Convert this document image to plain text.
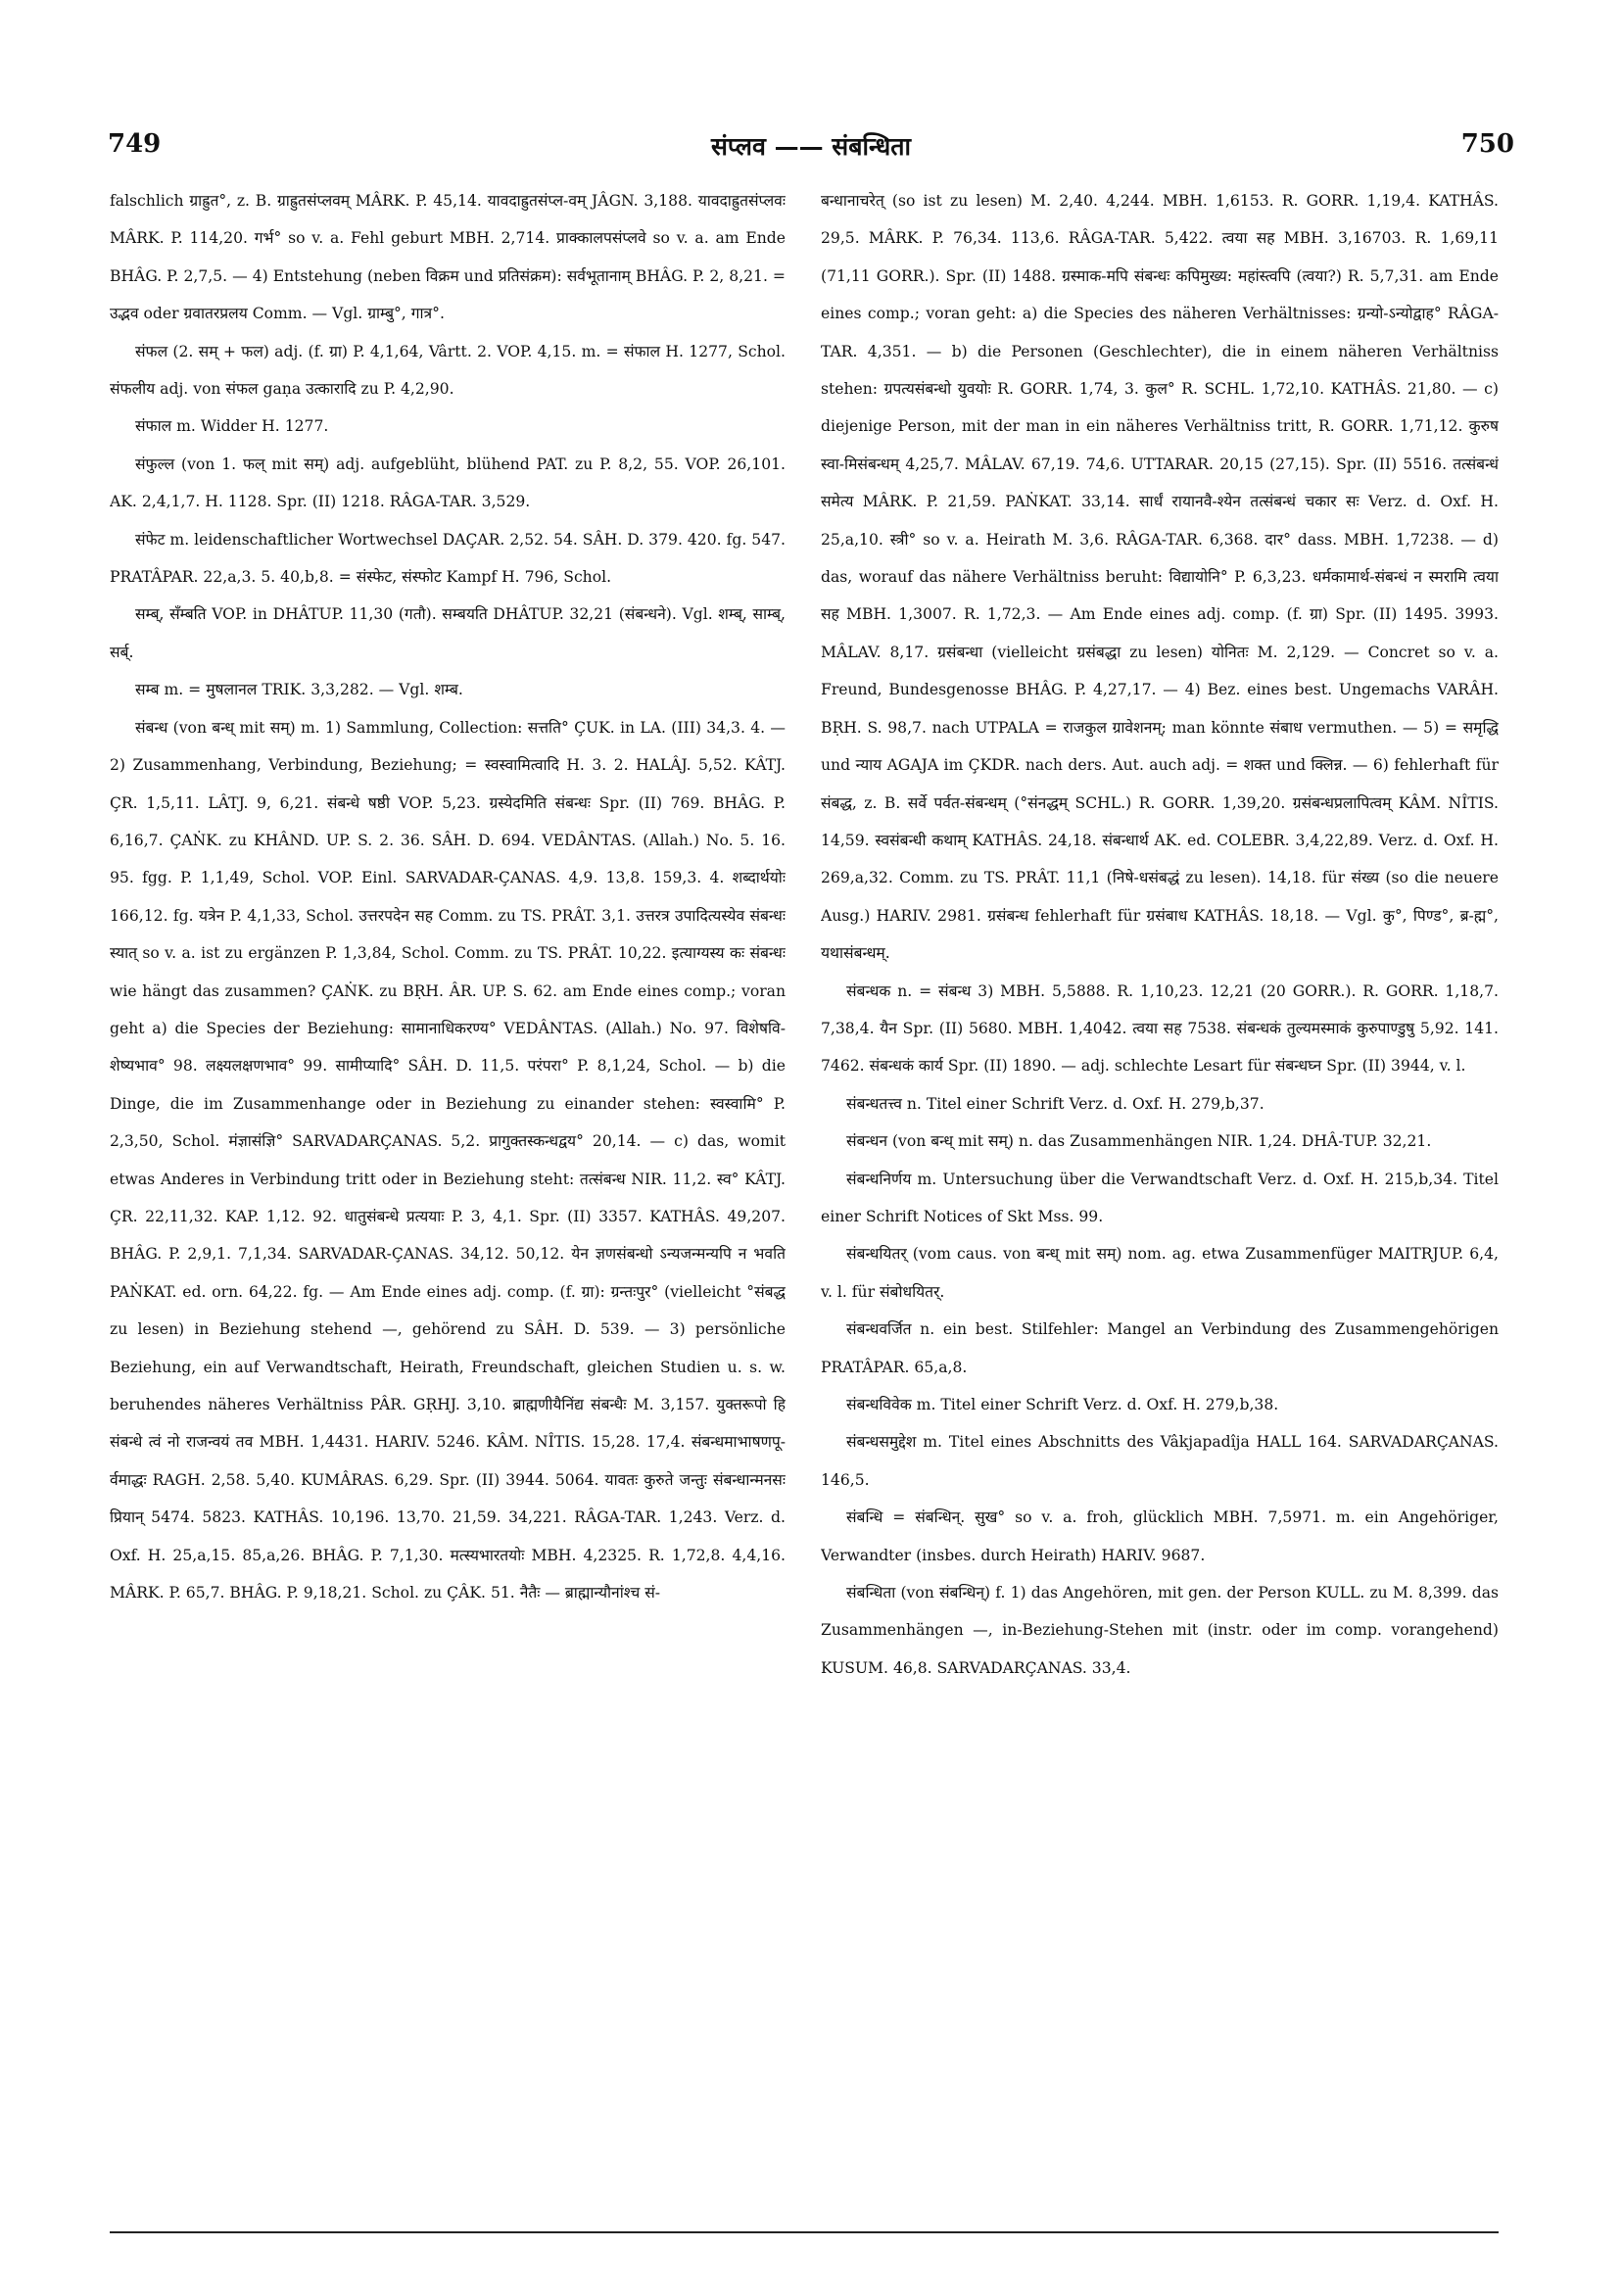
749	संप्लव —— संबन्धिता	750

falschlich ग्राह्रुत°, z. B. ग्राह्रुतसंप्लवम् MÂRK. P. 45,14. यावदाह्रुतसंप्ल-वम् JÂGN. 3,188. यावदाह्रुतसंप्लवः MÂRK. P. 114,20. गर्भ° so v. a. Fehl geburt MBH. 2,714. प्राक्कालपसंप्लवे so v. a. am Ende BHÂG. P. 2,7,5. — 4) Entstehung (neben विक्रम und प्रतिसंक्रम): सर्वभूतानाम् BHÂG. P. 2, 8,21. = उद्भव oder ग्रवातरप्रलय Comm. — Vgl. ग्राम्बु°, गात्र°.

संफल (2. सम् + फल) adj. (f. ग्रा) P. 4,1,64, Vârtt. 2. VOP. 4,15. m. = संफाल H. 1277, Schol. संफलीय adj. von संफल gaṇa उत्कारादि zu P. 4,2,90.

संफाल m. Widder H. 1277.

संफुल्ल (von 1. फल् mit सम्) adj. aufgeblüht, blühend PAT. zu P. 8,2, 55. VOP. 26,101. AK. 2,4,1,7. H. 1128. Spr. (II) 1218. RÂGA-TAR. 3,529.

संफेट m. leidenschaftlicher Wortwechsel DAÇAR. 2,52. 54. SÂH. D. 379. 420. fg. 547. PRATÂPAR. 22,a,3. 5. 40,b,8. = संस्फेट, संस्फोट Kampf H. 796, Schol.

सम्ब्, सँम्बति VOP. in DHÂTUP. 11,30 (गतौ). सम्बयति DHÂTUP. 32,21 (संबन्धने). Vgl. शम्ब्, साम्ब्, सर्ब्.

सम्ब m. = मुषलानल TRIK. 3,3,282. — Vgl. शम्ब.

संबन्ध (von बन्ध् mit सम्) m. 1) Sammlung, Collection: सत्तति° ÇUK. in LA. (III) 34,3. 4. — 2) Zusammenhang, Verbindung, Beziehung; = स्वस्वामित्वादि H. 3. 2. HALÂJ. 5,52. KÂTJ. ÇR. 1,5,11. LÂTJ. 9, 6,21. संबन्धे षष्ठी VOP. 5,23. ग्रस्येदमिति संबन्धः Spr. (II) 769. BHÂG. P. 6,16,7. ÇAṄK. zu KHÂND. UP. S. 2. 36. SÂH. D. 694. VEDÂNTAS. (Allah.) No. 5. 16. 95. fgg. P. 1,1,49, Schol. VOP. Einl. SARVADAR-ÇANAS. 4,9. 13,8. 159,3. 4. शब्दार्थयोः 166,12. fg. यत्रेन P. 4,1,33, Schol. उत्तरपदेन सह Comm. zu TS. PRÂT. 3,1. उत्तरत्र उपादित्यस्येव संबन्धः स्यात् so v. a. ist zu ergänzen P. 1,3,84, Schol. Comm. zu TS. PRÂT. 10,22. इत्याग्यस्य कः संबन्धः wie hängt das zusammen? ÇAṄK. zu BṚH. ÂR. UP. S. 62. am Ende eines comp.; voran geht a) die Species der Beziehung: सामानाधिकरण्य° VEDÂNTAS. (Allah.) No. 97. विशेषवि-शेष्यभाव° 98. लक्ष्यलक्षणभाव° 99. सामीप्यादि° SÂH. D. 11,5. परंपरा° P. 8,1,24, Schol. — b) die Dinge, die im Zusammenhange oder in Beziehung zu einander stehen: स्वस्वामि° P. 2,3,50, Schol. मंज्ञासंज्ञि° SARVADARÇANAS. 5,2. प्रागुक्तस्कन्धद्वय° 20,14. — c) das, womit etwas Anderes in Verbindung tritt oder in Beziehung steht: तत्संबन्ध NIR. 11,2. स्व° KÂTJ. ÇR. 22,11,32. KAP. 1,12. 92. धातुसंबन्धे प्रत्ययाः P. 3, 4,1. Spr. (II) 3357. KATHÂS. 49,207. BHÂG. P. 2,9,1. 7,1,34. SARVADAR-ÇANAS. 34,12. 50,12. येन ज्ञणसंबन्धो ऽन्यजन्मन्यपि न भवति PAṄKAT. ed. orn. 64,22. fg. — Am Ende eines adj. comp. (f. ग्रा): ग्रन्तःपुर° (vielleicht °संबद्ध zu lesen) in Beziehung stehend —, gehörend zu SÂH. D. 539. — 3) persönliche Beziehung, ein auf Verwandtschaft, Heirath, Freundschaft, gleichen Studien u. s. w. beruhendes näheres Verhältniss PÂR. GṚHJ. 3,10. ब्राह्मणीयैनिंद्य संबन्धैः M. 3,157. युक्तरूपो हि संबन्धे त्वं नो राजन्वयं तव MBH. 1,4431. HARIV. 5246. KÂM. NÎTIS. 15,28. 17,4. संबन्धमाभाषणपू-र्वमाद्धः RAGH. 2,58. 5,40. KUMÂRAS. 6,29. Spr. (II) 3944. 5064. यावतः कुरुते जन्तुः संबन्धान्मनसः प्रियान् 5474. 5823. KATHÂS. 10,196. 13,70. 21,59. 34,221. RÂGA-TAR. 1,243. Verz. d. Oxf. H. 25,a,15. 85,a,26. BHÂG. P. 7,1,30. मत्स्यभारतयोः MBH. 4,2325. R. 1,72,8. 4,4,16. MÂRK. P. 65,7. BHÂG. P. 9,18,21. Schol. zu ÇÂK. 51. नैतैः — ब्राह्मान्यौनांश्च सं-

बन्धानाचरेत् (so ist zu lesen) M. 2,40. 4,244. MBH. 1,6153. R. GORR. 1,19,4. KATHÂS. 29,5. MÂRK. P. 76,34. 113,6. RÂGA-TAR. 5,422. त्वया सह MBH. 3,16703. R. 1,69,11 (71,11 GORR.). Spr. (II) 1488. ग्रस्माक-मपि संबन्धः कपिमुख्य: महांस्त्वपि (त्वया?) R. 5,7,31. am Ende eines comp.; voran geht: a) die Species des näheren Verhältnisses: ग्रन्यो-ऽन्योद्वाह° RÂGA-TAR. 4,351. — b) die Personen (Geschlechter), die in einem näheren Verhältniss stehen: ग्रपत्यसंबन्धो युवयोः R. GORR. 1,74, 3. कुल° R. SCHL. 1,72,10. KATHÂS. 21,80. — c) diejenige Person, mit der man in ein näheres Verhältniss tritt, R. GORR. 1,71,12. कुरुष स्वा-मिसंबन्धम् 4,25,7. MÂLAV. 67,19. 74,6. UTTARAR. 20,15 (27,15). Spr. (II) 5516. तत्संबन्धं समेत्य MÂRK. P. 21,59. PAṄKAT. 33,14. सार्धं रायानवै-श्येन तत्संबन्धं चकार सः Verz. d. Oxf. H. 25,a,10. स्त्री° so v. a. Heirath M. 3,6. RÂGA-TAR. 6,368. दार° dass. MBH. 1,7238. — d) das, worauf das nähere Verhältniss beruht: विद्यायोनि° P. 6,3,23. धर्मकामार्थ-संबन्धं न स्मरामि त्वया सह MBH. 1,3007. R. 1,72,3. — Am Ende eines adj. comp. (f. ग्रा) Spr. (II) 1495. 3993. MÂLAV. 8,17. ग्रसंबन्धा (vielleicht ग्रसंबद्धा zu lesen) योनितः M. 2,129. — Concret so v. a. Freund, Bundesgenosse BHÂG. P. 4,27,17. — 4) Bez. eines best. Ungemachs VARÂH. BṚH. S. 98,7. nach UTPALA = राजकुल ग्रावेशनम्; man könnte संबाध vermuthen. — 5) = समृद्धि und न्याय AGAJA im ÇKDR. nach ders. Aut. auch adj. = शक्त und क्लिन्न. — 6) fehlerhaft für संबद्ध, z. B. सर्वे पर्वत-संबन्धम् (°संनद्धम् SCHL.) R. GORR. 1,39,20. ग्रसंबन्धप्रलापित्वम् KÂM. NÎTIS. 14,59. स्वसंबन्धी कथाम् KATHÂS. 24,18. संबन्धार्थ AK. ed. COLEBR. 3,4,22,89. Verz. d. Oxf. H. 269,a,32. Comm. zu TS. PRÂT. 11,1 (निषे-धसंबद्धं zu lesen). 14,18. für संख्य (so die neuere Ausg.) HARIV. 2981. ग्रसंबन्ध fehlerhaft für ग्रसंबाध KATHÂS. 18,18. — Vgl. कु°, पिण्ड°, ब्र-ह्म°, यथासंबन्धम्.

संबन्धक n. = संबन्ध 3) MBH. 5,5888. R. 1,10,23. 12,21 (20 GORR.). R. GORR. 1,18,7. 7,38,4. यैन Spr. (II) 5680. MBH. 1,4042. त्वया सह 7538. संबन्धकं तुल्यमस्माकं कुरुपाण्डुषु 5,92. 141. 7462. संबन्धकं कार्य Spr. (II) 1890. — adj. schlechte Lesart für संबन्धघ्न Spr. (II) 3944, v. l.

संबन्धतत्त्व n. Titel einer Schrift Verz. d. Oxf. H. 279,b,37.

संबन्धन (von बन्ध् mit सम्) n. das Zusammenhängen NIR. 1,24. DHÂ-TUP. 32,21.

संबन्धनिर्णय m. Untersuchung über die Verwandtschaft Verz. d. Oxf. H. 215,b,34. Titel einer Schrift Notices of Skt Mss. 99.

संबन्धयितर् (vom caus. von बन्ध् mit सम्) nom. ag. etwa Zusammenfüger MAITRJUP. 6,4, v. l. für संबोधयितर्.

संबन्धवर्जित n. ein best. Stilfehler: Mangel an Verbindung des Zusammengehörigen PRATÂPAR. 65,a,8.

संबन्धविवेक m. Titel einer Schrift Verz. d. Oxf. H. 279,b,38.

संबन्धसमुद्देश m. Titel eines Abschnitts des Vâkjapadîja HALL 164. SARVADARÇANAS. 146,5.

संबन्धि = संबन्धिन्. सुख° so v. a. froh, glücklich MBH. 7,5971. m. ein Angehöriger, Verwandter (insbes. durch Heirath) HARIV. 9687.

संबन्धिता (von संबन्धिन्) f. 1) das Angehören, mit gen. der Person KULL. zu M. 8,399. das Zusammenhängen —, in-Beziehung-Stehen mit (instr. oder im comp. vorangehend) KUSUM. 46,8. SARVADARÇANAS. 33,4.
